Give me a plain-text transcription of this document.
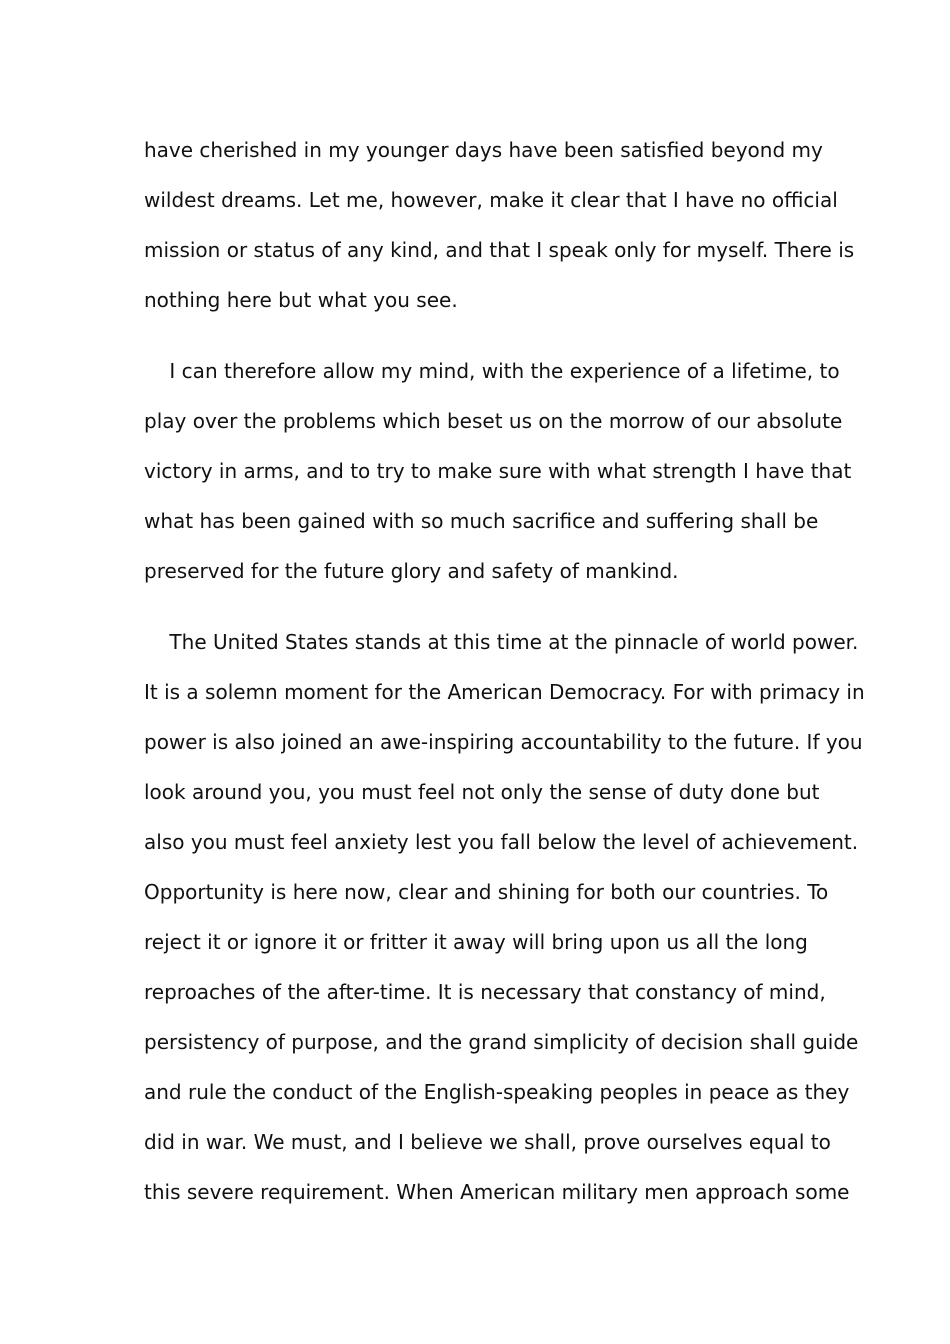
have cherished in my younger days have been satisfied beyond my
wildest dreams. Let me, however, make it clear that I have no official
mission or status of any kind, and that I speak only for myself. There is
nothing here but what you see.
I can therefore allow my mind, with the experience of a lifetime, to
play over the problems which beset us on the morrow of our absolute
victory in arms, and to try to make sure with what strength I have that
what has been gained with so much sacrifice and suffering shall be
preserved for the future glory and safety of mankind.
The United States stands at this time at the pinnacle of world power.
It is a solemn moment for the American Democracy. For with primacy in
power is also joined an awe-inspiring accountability to the future. If you
look around you, you must feel not only the sense of duty done but
also you must feel anxiety lest you fall below the level of achievement.
Opportunity is here now, clear and shining for both our countries. To
reject it or ignore it or fritter it away will bring upon us all the long
reproaches of the after-time. It is necessary that constancy of mind,
persistency of purpose, and the grand simplicity of decision shall guide
and rule the conduct of the English-speaking peoples in peace as they
did in war. We must, and I believe we shall, prove ourselves equal to
this severe requirement. When American military men approach some
